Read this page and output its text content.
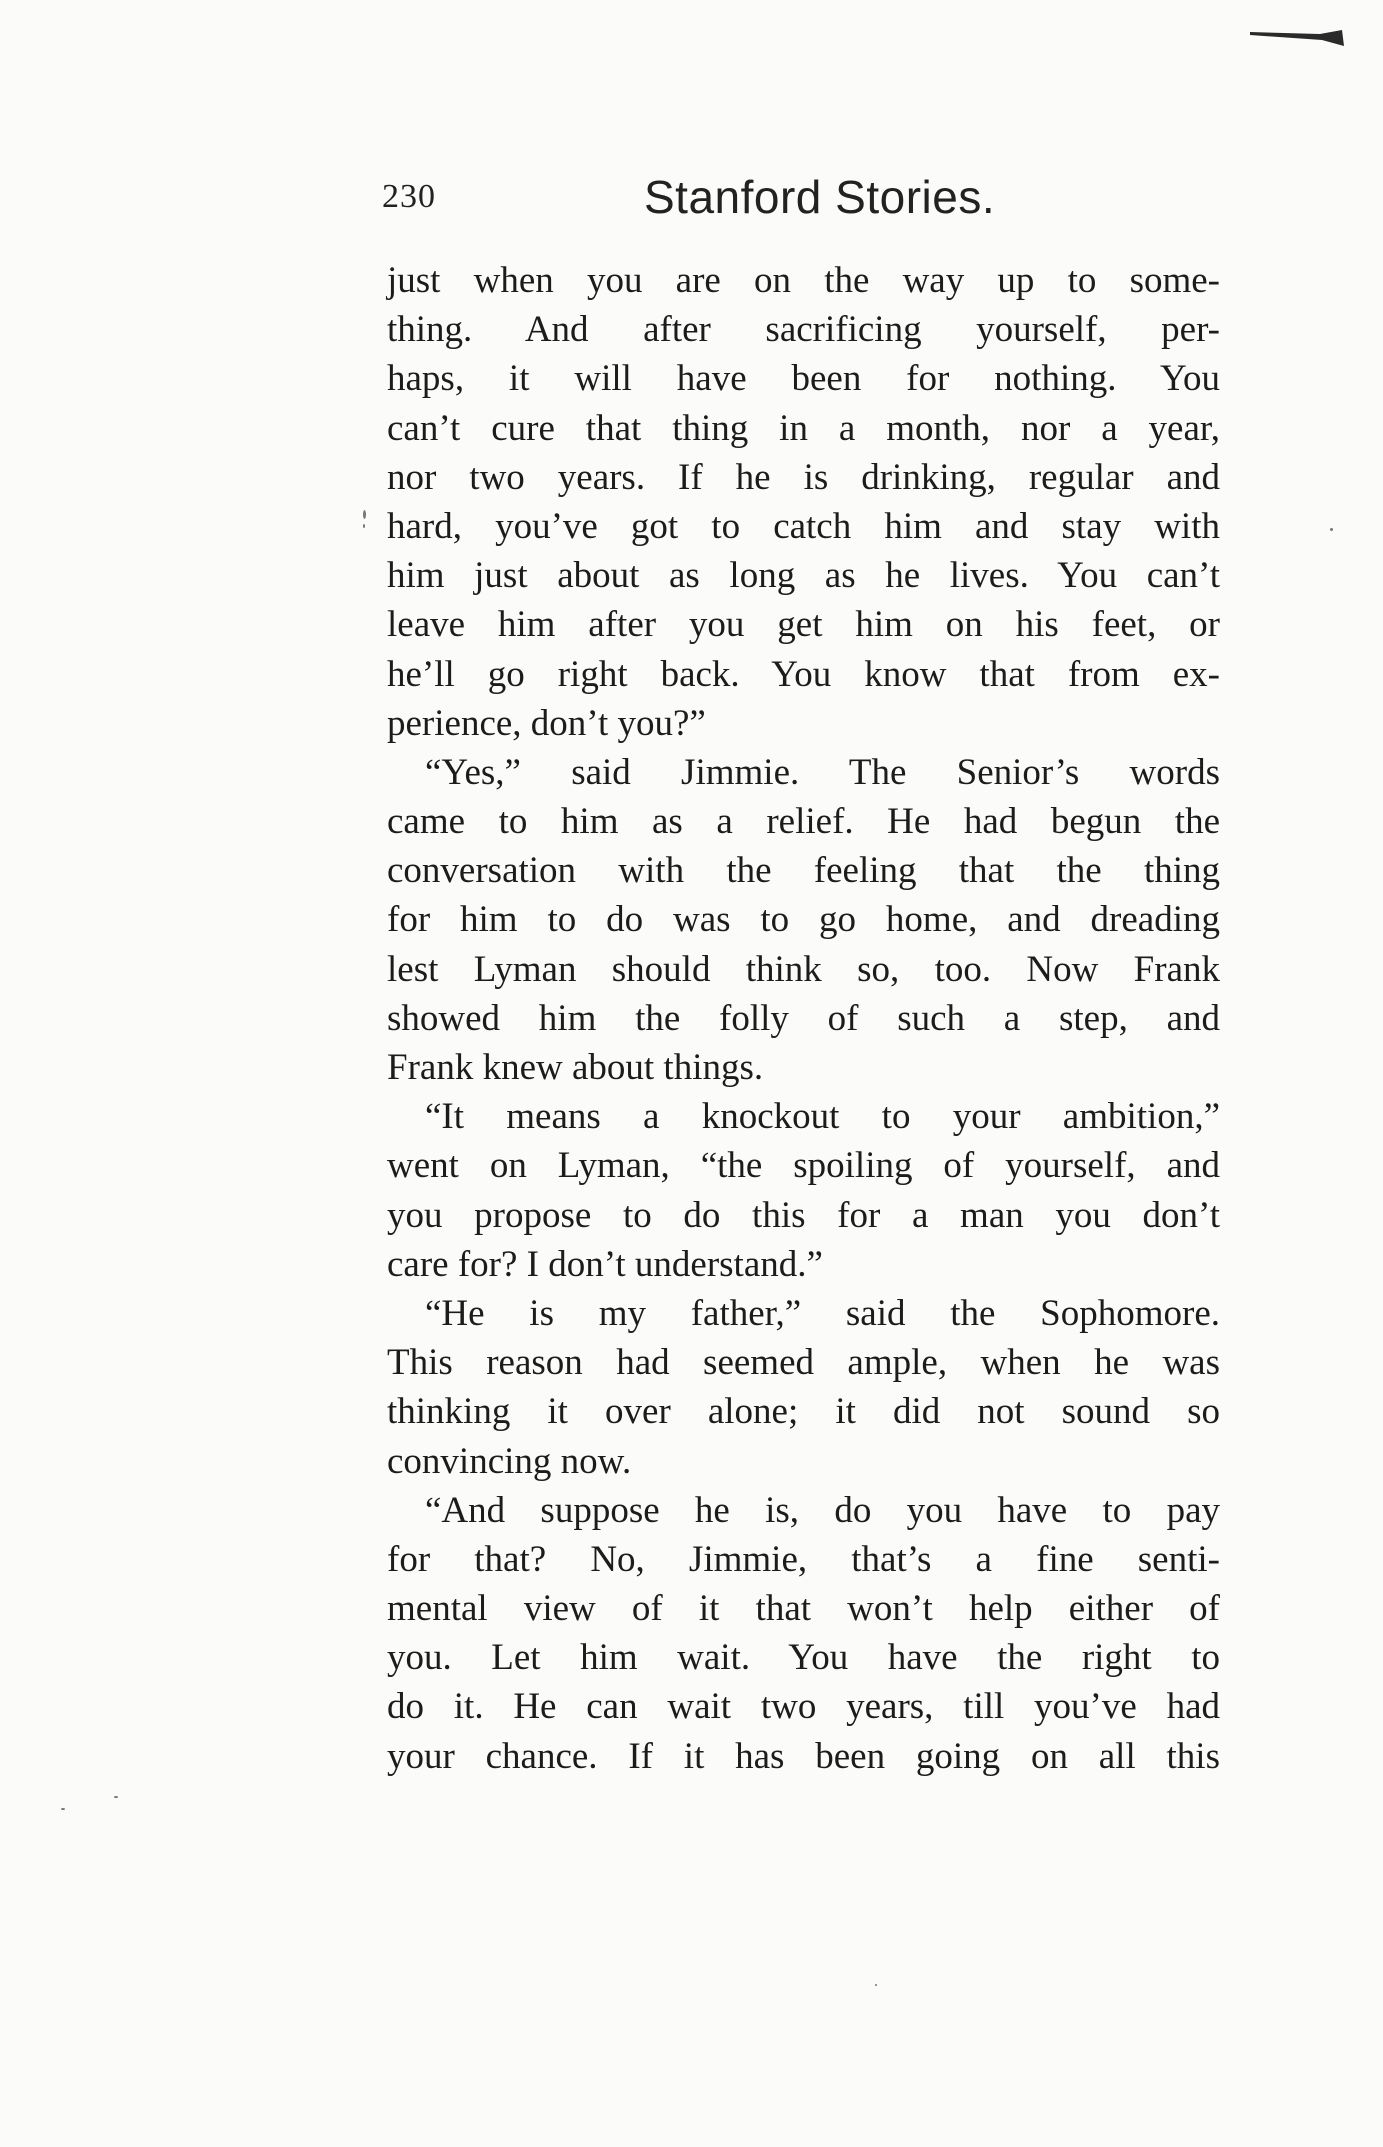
230	Stanford Stories.
just when you are on the way up to some-
thing. And after sacrificing yourself, per-
haps, it will have been for nothing. You
can’t cure that thing in a month, nor a year,
nor two years. If he is drinking, regular and
hard, you’ve got to catch him and stay with
him just about as long as he lives. You can’t
leave him after you get him on his feet, or
he’ll go right back. You know that from ex-
perience, don’t you?”
“Yes,” said Jimmie. The Senior’s words
came to him as a relief. He had begun the
conversation with the feeling that the thing
for him to do was to go home, and dreading
lest Lyman should think so, too. Now Frank
showed him the folly of such a step, and
Frank knew about things.
“It means a knockout to your ambition,”
went on Lyman, “the spoiling of yourself, and
you propose to do this for a man you don’t
care for? I don’t understand.”
“He is my father,” said the Sophomore.
This reason had seemed ample, when he was
thinking it over alone; it did not sound so
convincing now.
“And suppose he is, do you have to pay
for that? No, Jimmie, that’s a fine senti-
mental view of it that won’t help either of
you. Let him wait. You have the right to
do it. He can wait two years, till you’ve had
your chance. If it has been going on all this
